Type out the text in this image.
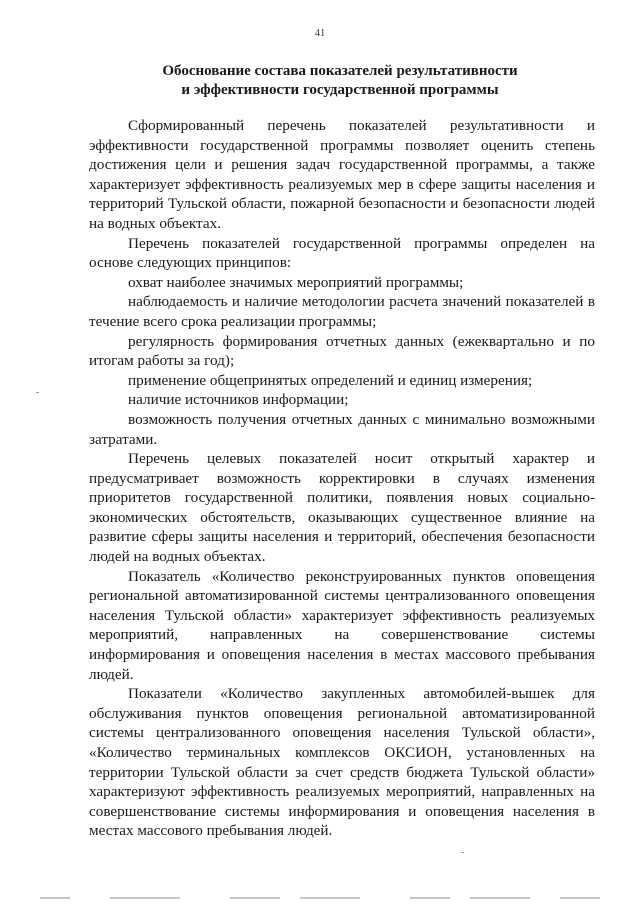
41
Обоснование состава показателей результативности
и эффективности государственной программы
Сформированный перечень показателей результативности и
эффективности государственной программы позволяет оценить степень
достижения цели и решения задач государственной программы, а также
характеризует эффективность реализуемых мер в сфере защиты населения и
территорий Тульской области, пожарной безопасности и безопасности людей
на водных объектах.
Перечень показателей государственной программы определен на
основе следующих принципов:
охват наиболее значимых мероприятий программы;
наблюдаемость и наличие методологии расчета значений показателей в
течение всего срока реализации программы;
регулярность формирования отчетных данных (ежеквартально и по
итогам работы за год);
применение общепринятых определений и единиц измерения;
наличие источников информации;
возможность получения отчетных данных с минимально возможными
затратами.
Перечень целевых показателей носит открытый характер и
предусматривает возможность корректировки в случаях изменения
приоритетов государственной политики, появления новых социально-
экономических обстоятельств, оказывающих существенное влияние на
развитие сферы защиты населения и территорий, обеспечения безопасности
людей на водных объектах.
Показатель «Количество реконструированных пунктов оповещения
региональной автоматизированной системы централизованного оповещения
населения Тульской области» характеризует эффективность реализуемых
мероприятий, направленных на совершенствование системы
информирования и оповещения населения в местах массового пребывания
людей.
Показатели «Количество закупленных автомобилей-вышек для
обслуживания пунктов оповещения региональной автоматизированной
системы централизованного оповещения населения Тульской области»,
«Количество терминальных комплексов ОКСИОН, установленных на
территории Тульской области за счет средств бюджета Тульской области»
характеризуют эффективность реализуемых мероприятий, направленных на
совершенствование системы информирования и оповещения населения в
местах массового пребывания людей.
